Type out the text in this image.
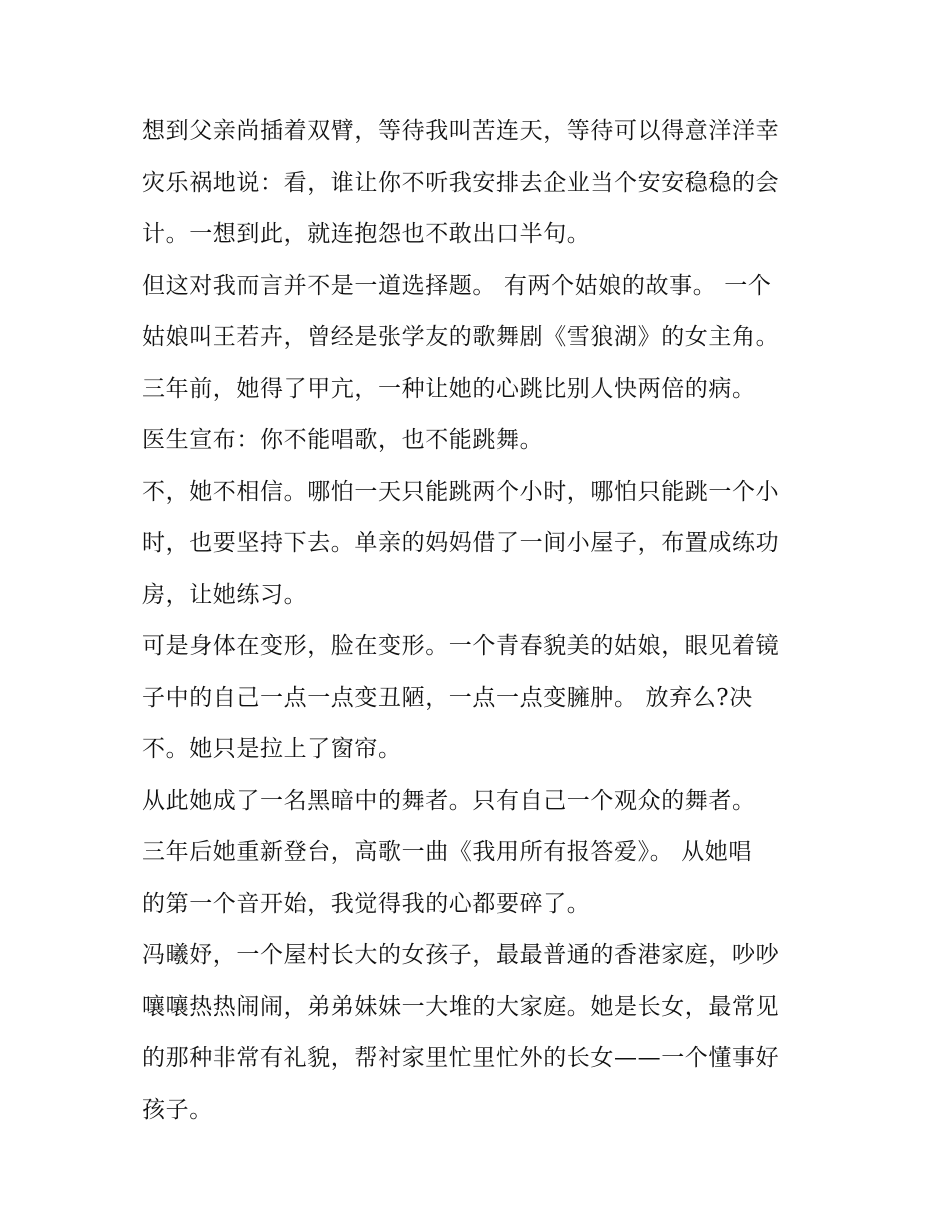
想到父亲尚插着双臂，等待我叫苦连天，等待可以得意洋洋幸
灾乐祸地说：看，谁让你不听我安排去企业当个安安稳稳的会
计。一想到此，就连抱怨也不敢出口半句。
但这对我而言并不是一道选择题。 有两个姑娘的故事。 一个
姑娘叫王若卉，曾经是张学友的歌舞剧《雪狼湖》的女主角。
三年前，她得了甲亢，一种让她的心跳比别人快两倍的病。
医生宣布：你不能唱歌，也不能跳舞。
不，她不相信。哪怕一天只能跳两个小时，哪怕只能跳一个小
时，也要坚持下去。单亲的妈妈借了一间小屋子，布置成练功
房，让她练习。
可是身体在变形，脸在变形。一个青春貌美的姑娘，眼见着镜
子中的自己一点一点变丑陋，一点一点变臃肿。 放弃么?决
不。她只是拉上了窗帘。
从此她成了一名黑暗中的舞者。只有自己一个观众的舞者。
三年后她重新登台，高歌一曲《我用所有报答爱》。 从她唱
的第一个音开始，我觉得我的心都要碎了。
冯曦妤，一个屋村长大的女孩子，最最普通的香港家庭，吵吵
嚷嚷热热闹闹，弟弟妹妹一大堆的大家庭。她是长女，最常见
的那种非常有礼貌，帮衬家里忙里忙外的长女——一个懂事好
孩子。
